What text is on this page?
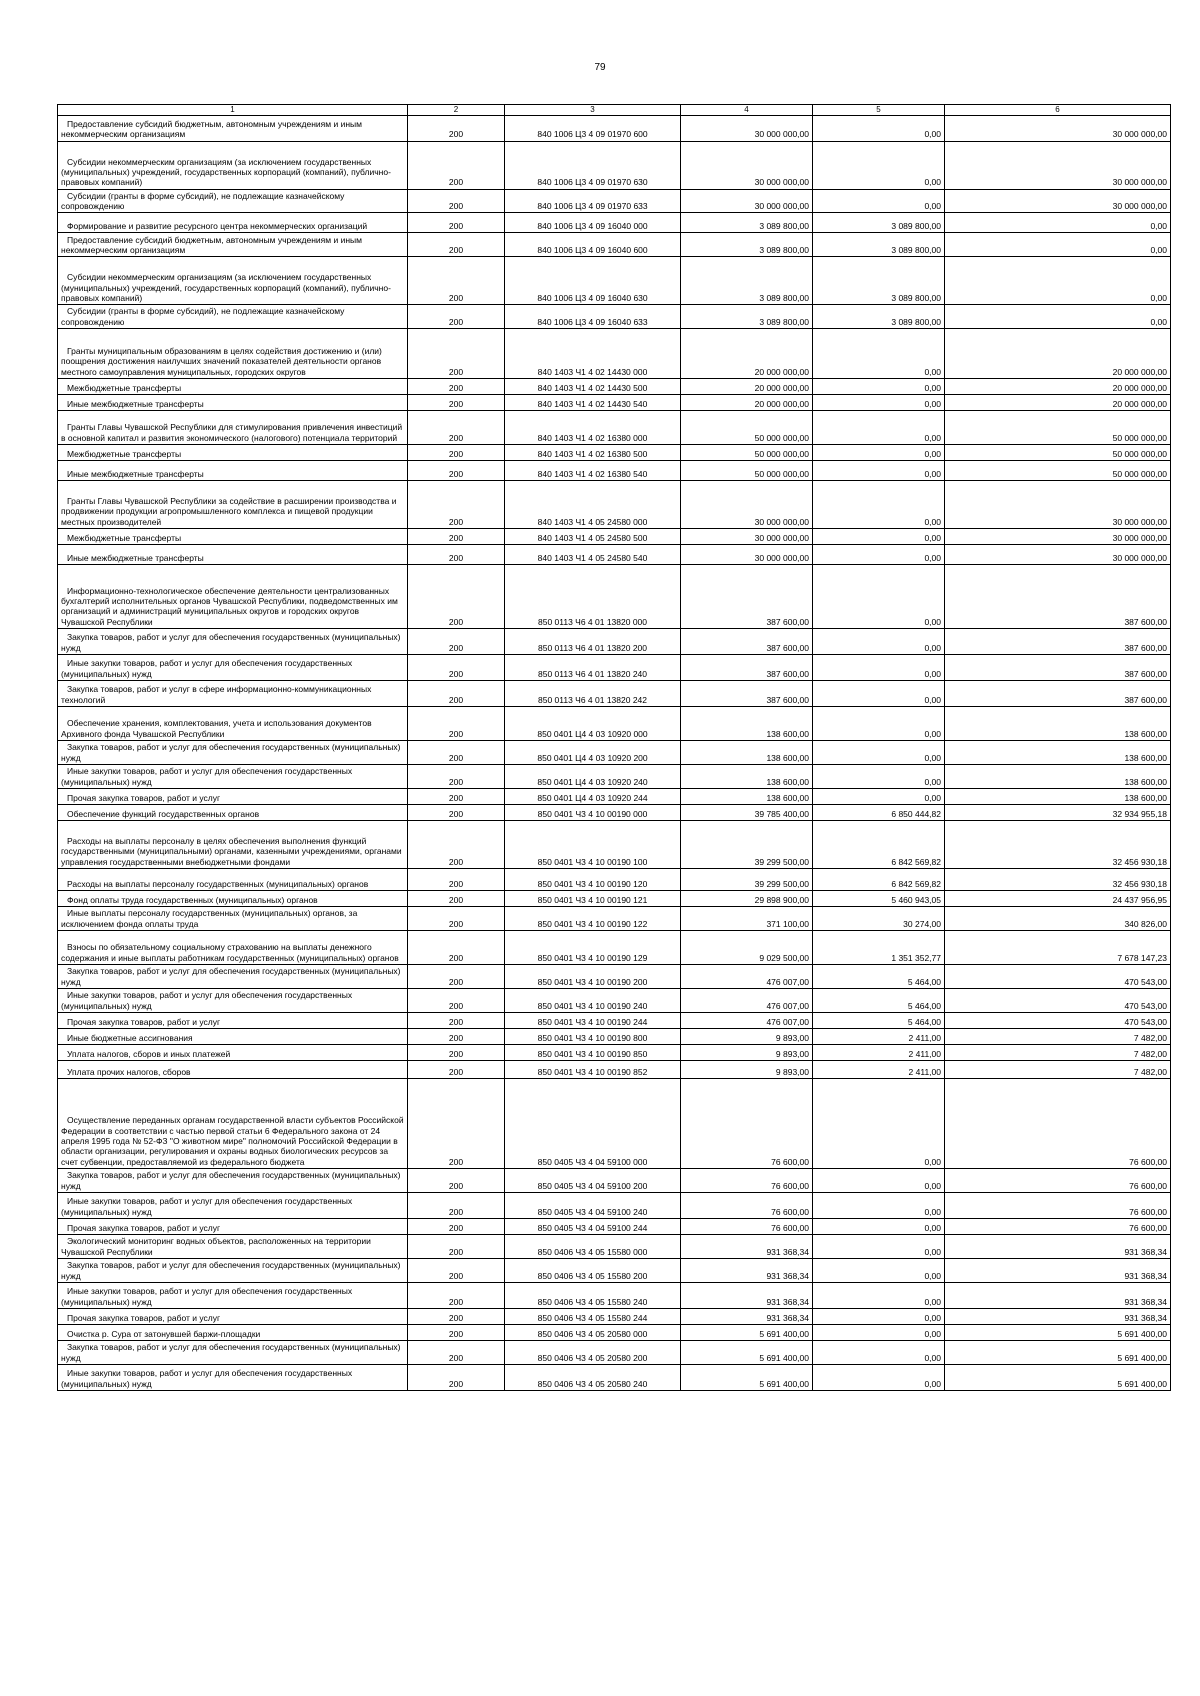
79
1	2	3	4	5	6
Предоставление субсидий бюджетным, автономным учреждениям и иным некоммерческим организациям	200	840 1006 Ц3 4 09 01970 600	30 000 000,00	0,00	30 000 000,00
Субсидии некоммерческим организациям (за исключением государственных (муниципальных) учреждений, государственных корпораций (компаний), публично-правовых компаний)	200	840 1006 Ц3 4 09 01970 630	30 000 000,00	0,00	30 000 000,00
Субсидии (гранты в форме субсидий), не подлежащие казначейскому сопровождению	200	840 1006 Ц3 4 09 01970 633	30 000 000,00	0,00	30 000 000,00
Формирование и развитие ресурсного центра некоммерческих организаций	200	840 1006 Ц3 4 09 16040 000	3 089 800,00	3 089 800,00	0,00
Предоставление субсидий бюджетным, автономным учреждениям и иным некоммерческим организациям	200	840 1006 Ц3 4 09 16040 600	3 089 800,00	3 089 800,00	0,00
Субсидии некоммерческим организациям (за исключением государственных (муниципальных) учреждений, государственных корпораций (компаний), публично-правовых компаний)	200	840 1006 Ц3 4 09 16040 630	3 089 800,00	3 089 800,00	0,00
Субсидии (гранты в форме субсидий), не подлежащие казначейскому сопровождению	200	840 1006 Ц3 4 09 16040 633	3 089 800,00	3 089 800,00	0,00
Гранты муниципальным образованиям в целях содействия достижению и (или) поощрения достижения наилучших значений показателей деятельности органов местного самоуправления муниципальных, городских округов	200	840 1403 Ч1 4 02 14430 000	20 000 000,00	0,00	20 000 000,00
Межбюджетные трансферты	200	840 1403 Ч1 4 02 14430 500	20 000 000,00	0,00	20 000 000,00
Иные межбюджетные трансферты	200	840 1403 Ч1 4 02 14430 540	20 000 000,00	0,00	20 000 000,00
Гранты Главы Чувашской Республики для стимулирования привлечения инвестиций в основной капитал и развития экономического (налогового) потенциала территорий	200	840 1403 Ч1 4 02 16380 000	50 000 000,00	0,00	50 000 000,00
Межбюджетные трансферты	200	840 1403 Ч1 4 02 16380 500	50 000 000,00	0,00	50 000 000,00
Иные межбюджетные трансферты	200	840 1403 Ч1 4 02 16380 540	50 000 000,00	0,00	50 000 000,00
Гранты Главы Чувашской Республики за содействие в расширении производства и продвижении продукции агропромышленного комплекса и пищевой продукции местных производителей	200	840 1403 Ч1 4 05 24580 000	30 000 000,00	0,00	30 000 000,00
Межбюджетные трансферты	200	840 1403 Ч1 4 05 24580 500	30 000 000,00	0,00	30 000 000,00
Иные межбюджетные трансферты	200	840 1403 Ч1 4 05 24580 540	30 000 000,00	0,00	30 000 000,00
Информационно-технологическое обеспечение деятельности централизованных бухгалтерий исполнительных органов Чувашской Республики, подведомственных им организаций и администраций муниципальных округов и городских округов Чувашской Республики	200	850 0113 Ч6 4 01 13820 000	387 600,00	0,00	387 600,00
Закупка товаров, работ и услуг для обеспечения государственных (муниципальных) нужд	200	850 0113 Ч6 4 01 13820 200	387 600,00	0,00	387 600,00
Иные закупки товаров, работ и услуг для обеспечения государственных (муниципальных) нужд	200	850 0113 Ч6 4 01 13820 240	387 600,00	0,00	387 600,00
Закупка товаров, работ и услуг в сфере информационно-коммуникационных технологий	200	850 0113 Ч6 4 01 13820 242	387 600,00	0,00	387 600,00
Обеспечение хранения, комплектования, учета и использования документов Архивного фонда Чувашской Республики	200	850 0401 Ц4 4 03 10920 000	138 600,00	0,00	138 600,00
Закупка товаров, работ и услуг для обеспечения государственных (муниципальных) нужд	200	850 0401 Ц4 4 03 10920 200	138 600,00	0,00	138 600,00
Иные закупки товаров, работ и услуг для обеспечения государственных (муниципальных) нужд	200	850 0401 Ц4 4 03 10920 240	138 600,00	0,00	138 600,00
Прочая закупка товаров, работ и услуг	200	850 0401 Ц4 4 03 10920 244	138 600,00	0,00	138 600,00
Обеспечение функций государственных органов	200	850 0401 Ч3 4 10 00190 000	39 785 400,00	6 850 444,82	32 934 955,18
Расходы на выплаты персоналу в целях обеспечения выполнения функций государственными (муниципальными) органами, казенными учреждениями, органами управления государственными внебюджетными фондами	200	850 0401 Ч3 4 10 00190 100	39 299 500,00	6 842 569,82	32 456 930,18
Расходы на выплаты персоналу государственных (муниципальных) органов	200	850 0401 Ч3 4 10 00190 120	39 299 500,00	6 842 569,82	32 456 930,18
Фонд оплаты труда государственных (муниципальных) органов	200	850 0401 Ч3 4 10 00190 121	29 898 900,00	5 460 943,05	24 437 956,95
Иные выплаты персоналу государственных (муниципальных) органов, за исключением фонда оплаты труда	200	850 0401 Ч3 4 10 00190 122	371 100,00	30 274,00	340 826,00
Взносы по обязательному социальному страхованию на выплаты денежного содержания и иные выплаты работникам государственных (муниципальных) органов	200	850 0401 Ч3 4 10 00190 129	9 029 500,00	1 351 352,77	7 678 147,23
Закупка товаров, работ и услуг для обеспечения государственных (муниципальных) нужд	200	850 0401 Ч3 4 10 00190 200	476 007,00	5 464,00	470 543,00
Иные закупки товаров, работ и услуг для обеспечения государственных (муниципальных) нужд	200	850 0401 Ч3 4 10 00190 240	476 007,00	5 464,00	470 543,00
Прочая закупка товаров, работ и услуг	200	850 0401 Ч3 4 10 00190 244	476 007,00	5 464,00	470 543,00
Иные бюджетные ассигнования	200	850 0401 Ч3 4 10 00190 800	9 893,00	2 411,00	7 482,00
Уплата налогов, сборов и иных платежей	200	850 0401 Ч3 4 10 00190 850	9 893,00	2 411,00	7 482,00
Уплата прочих налогов, сборов	200	850 0401 Ч3 4 10 00190 852	9 893,00	2 411,00	7 482,00
Осуществление переданных органам государственной власти субъектов Российской Федерации в соответствии с частью первой статьи 6 Федерального закона от 24 апреля 1995 года № 52-ФЗ "О животном мире" полномочий Российской Федерации в области организации, регулирования и охраны водных биологических ресурсов за счет субвенции, предоставляемой из федерального бюджета	200	850 0405 Ч3 4 04 59100 000	76 600,00	0,00	76 600,00
Закупка товаров, работ и услуг для обеспечения государственных (муниципальных) нужд	200	850 0405 Ч3 4 04 59100 200	76 600,00	0,00	76 600,00
Иные закупки товаров, работ и услуг для обеспечения государственных (муниципальных) нужд	200	850 0405 Ч3 4 04 59100 240	76 600,00	0,00	76 600,00
Прочая закупка товаров, работ и услуг	200	850 0405 Ч3 4 04 59100 244	76 600,00	0,00	76 600,00
Экологический мониторинг водных объектов, расположенных на территории Чувашской Республики	200	850 0406 Ч3 4 05 15580 000	931 368,34	0,00	931 368,34
Закупка товаров, работ и услуг для обеспечения государственных (муниципальных) нужд	200	850 0406 Ч3 4 05 15580 200	931 368,34	0,00	931 368,34
Иные закупки товаров, работ и услуг для обеспечения государственных (муниципальных) нужд	200	850 0406 Ч3 4 05 15580 240	931 368,34	0,00	931 368,34
Прочая закупка товаров, работ и услуг	200	850 0406 Ч3 4 05 15580 244	931 368,34	0,00	931 368,34
Очистка р. Сура от затонувшей баржи-площадки	200	850 0406 Ч3 4 05 20580 000	5 691 400,00	0,00	5 691 400,00
Закупка товаров, работ и услуг для обеспечения государственных (муниципальных) нужд	200	850 0406 Ч3 4 05 20580 200	5 691 400,00	0,00	5 691 400,00
Иные закупки товаров, работ и услуг для обеспечения государственных (муниципальных) нужд	200	850 0406 Ч3 4 05 20580 240	5 691 400,00	0,00	5 691 400,00
